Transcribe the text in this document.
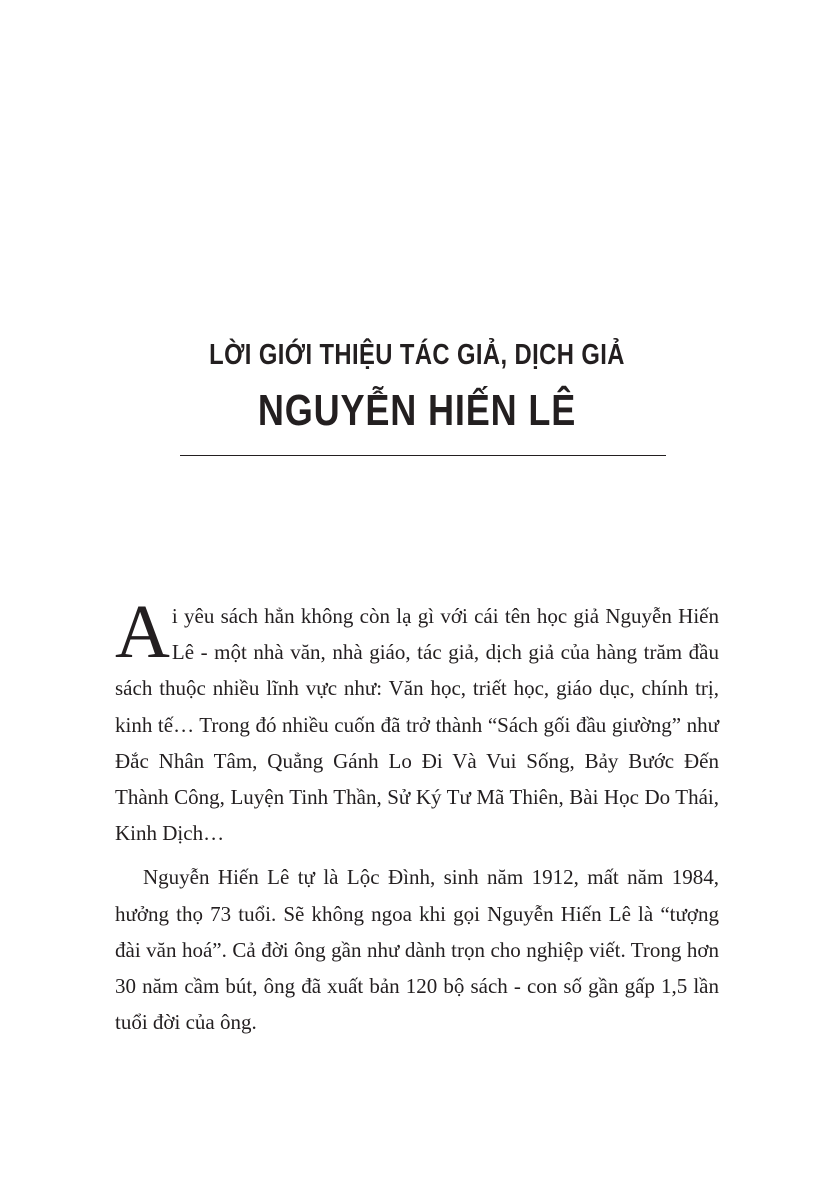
LỜI GIỚI THIỆU TÁC GIẢ, DỊCH GIẢ
NGUYỄN HIẾN LÊ

Ai yêu sách hẳn không còn lạ gì với cái tên học giả Nguyễn Hiến Lê - một nhà văn, nhà giáo, tác giả, dịch giả của hàng trăm đầu sách thuộc nhiều lĩnh vực như: Văn học, triết học, giáo dục, chính trị, kinh tế… Trong đó nhiều cuốn đã trở thành “Sách gối đầu giường” như Đắc Nhân Tâm, Quẳng Gánh Lo Đi Và Vui Sống, Bảy Bước Đến Thành Công, Luyện Tinh Thần, Sử Ký Tư Mã Thiên, Bài Học Do Thái, Kinh Dịch…

Nguyễn Hiến Lê tự là Lộc Đình, sinh năm 1912, mất năm 1984, hưởng thọ 73 tuổi. Sẽ không ngoa khi gọi Nguyễn Hiến Lê là “tượng đài văn hoá”. Cả đời ông gần như dành trọn cho nghiệp viết. Trong hơn 30 năm cầm bút, ông đã xuất bản 120 bộ sách - con số gần gấp 1,5 lần tuổi đời của ông.
